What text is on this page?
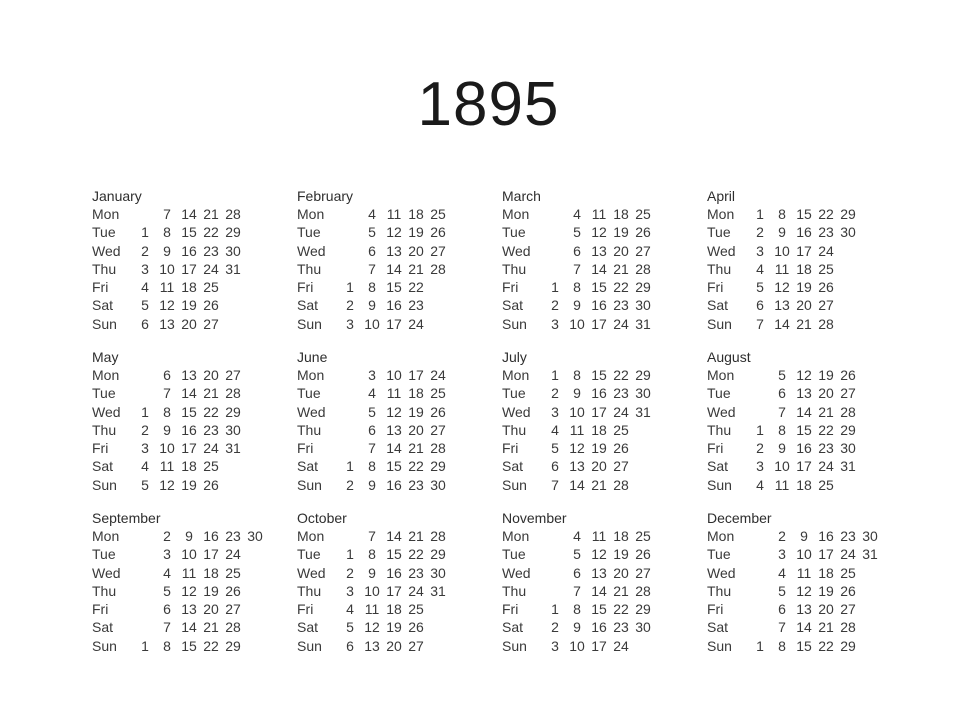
1895
January
Mon		7	14	21	28	
Tue	1	8	15	22	29	
Wed	2	9	16	23	30	
Thu	3	10	17	24	31	
Fri	4	11	18	25		
Sat	5	12	19	26		
Sun	6	13	20	27		
February
Mon		4	11	18	25	
Tue		5	12	19	26	
Wed		6	13	20	27	
Thu		7	14	21	28	
Fri	1	8	15	22		
Sat	2	9	16	23		
Sun	3	10	17	24		
March
Mon		4	11	18	25	
Tue		5	12	19	26	
Wed		6	13	20	27	
Thu		7	14	21	28	
Fri	1	8	15	22	29	
Sat	2	9	16	23	30	
Sun	3	10	17	24	31	
April
Mon	1	8	15	22	29	
Tue	2	9	16	23	30	
Wed	3	10	17	24		
Thu	4	11	18	25		
Fri	5	12	19	26		
Sat	6	13	20	27		
Sun	7	14	21	28		
May
Mon		6	13	20	27	
Tue		7	14	21	28	
Wed	1	8	15	22	29	
Thu	2	9	16	23	30	
Fri	3	10	17	24	31	
Sat	4	11	18	25		
Sun	5	12	19	26		
June
Mon		3	10	17	24	
Tue		4	11	18	25	
Wed		5	12	19	26	
Thu		6	13	20	27	
Fri		7	14	21	28	
Sat	1	8	15	22	29	
Sun	2	9	16	23	30	
July
Mon	1	8	15	22	29	
Tue	2	9	16	23	30	
Wed	3	10	17	24	31	
Thu	4	11	18	25		
Fri	5	12	19	26		
Sat	6	13	20	27		
Sun	7	14	21	28		
August
Mon		5	12	19	26	
Tue		6	13	20	27	
Wed		7	14	21	28	
Thu	1	8	15	22	29	
Fri	2	9	16	23	30	
Sat	3	10	17	24	31	
Sun	4	11	18	25		
September
Mon		2	9	16	23	30
Tue		3	10	17	24	
Wed		4	11	18	25	
Thu		5	12	19	26	
Fri		6	13	20	27	
Sat		7	14	21	28	
Sun	1	8	15	22	29	
October
Mon		7	14	21	28	
Tue	1	8	15	22	29	
Wed	2	9	16	23	30	
Thu	3	10	17	24	31	
Fri	4	11	18	25		
Sat	5	12	19	26		
Sun	6	13	20	27		
November
Mon		4	11	18	25	
Tue		5	12	19	26	
Wed		6	13	20	27	
Thu		7	14	21	28	
Fri	1	8	15	22	29	
Sat	2	9	16	23	30	
Sun	3	10	17	24		
December
Mon		2	9	16	23	30
Tue		3	10	17	24	31
Wed		4	11	18	25	
Thu		5	12	19	26	
Fri		6	13	20	27	
Sat		7	14	21	28	
Sun	1	8	15	22	29	
